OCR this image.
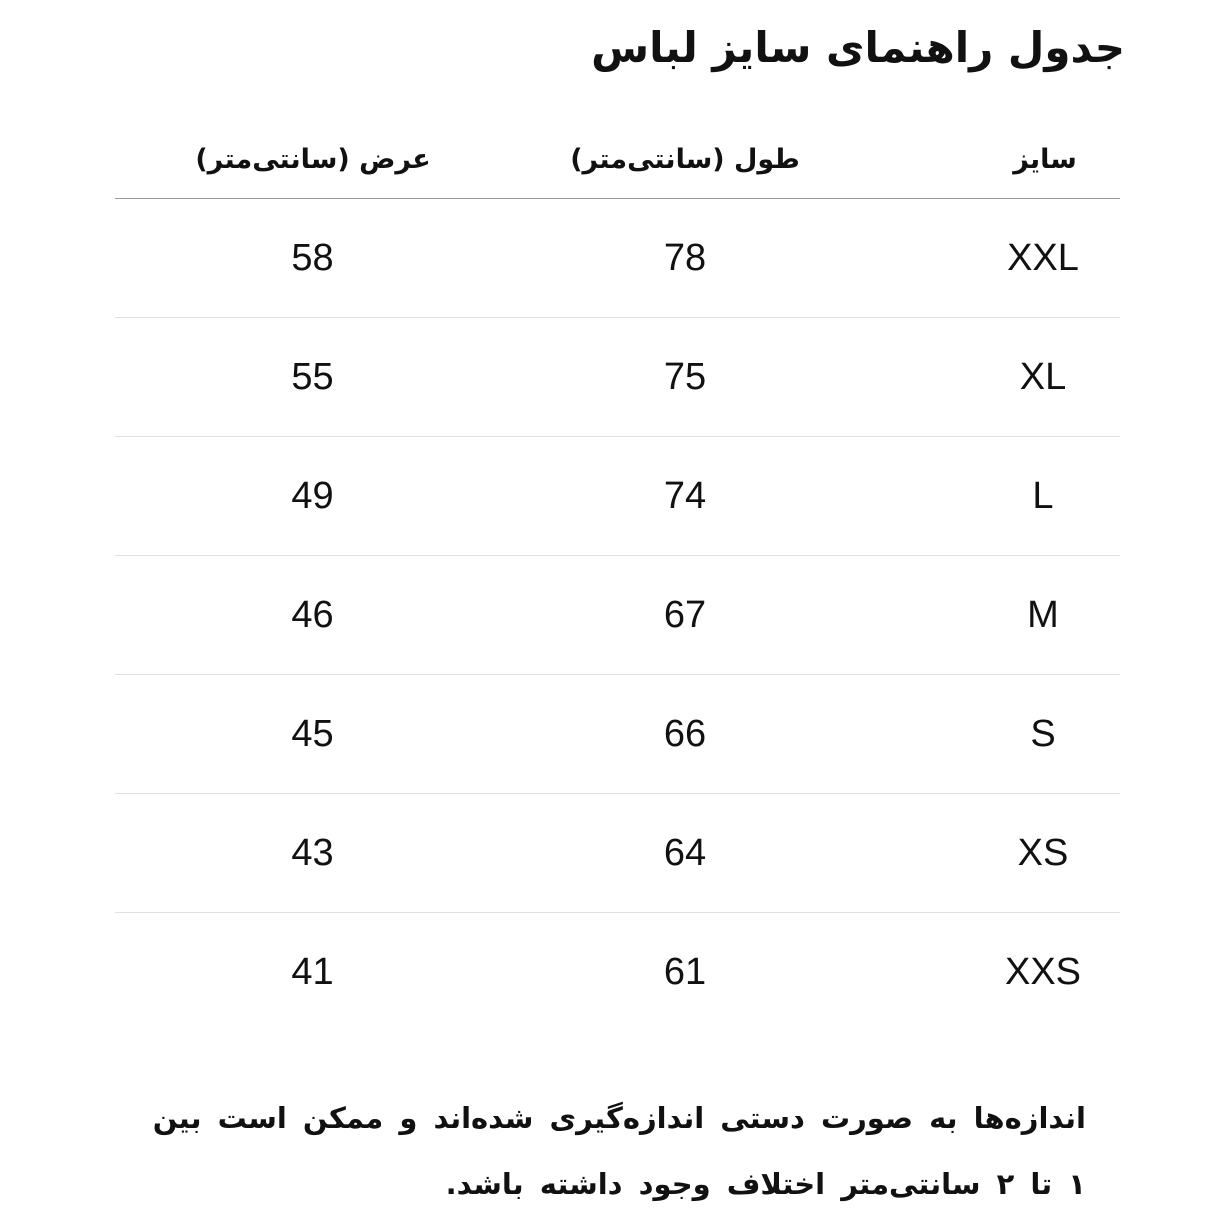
جدول راهنمای سایز لباس
سایز
طول (سانتی‌متر)
عرض (سانتی‌متر)
XXL
78
58
XL
75
55
L
74
49
M
67
46
S
66
45
XS
64
43
XXS
61
41
اندازه‌ها به صورت دستی اندازه‌گیری شده‌اند و ممکن است بین ۱ تا ۲ سانتی‌متر اختلاف وجود داشته باشد.
